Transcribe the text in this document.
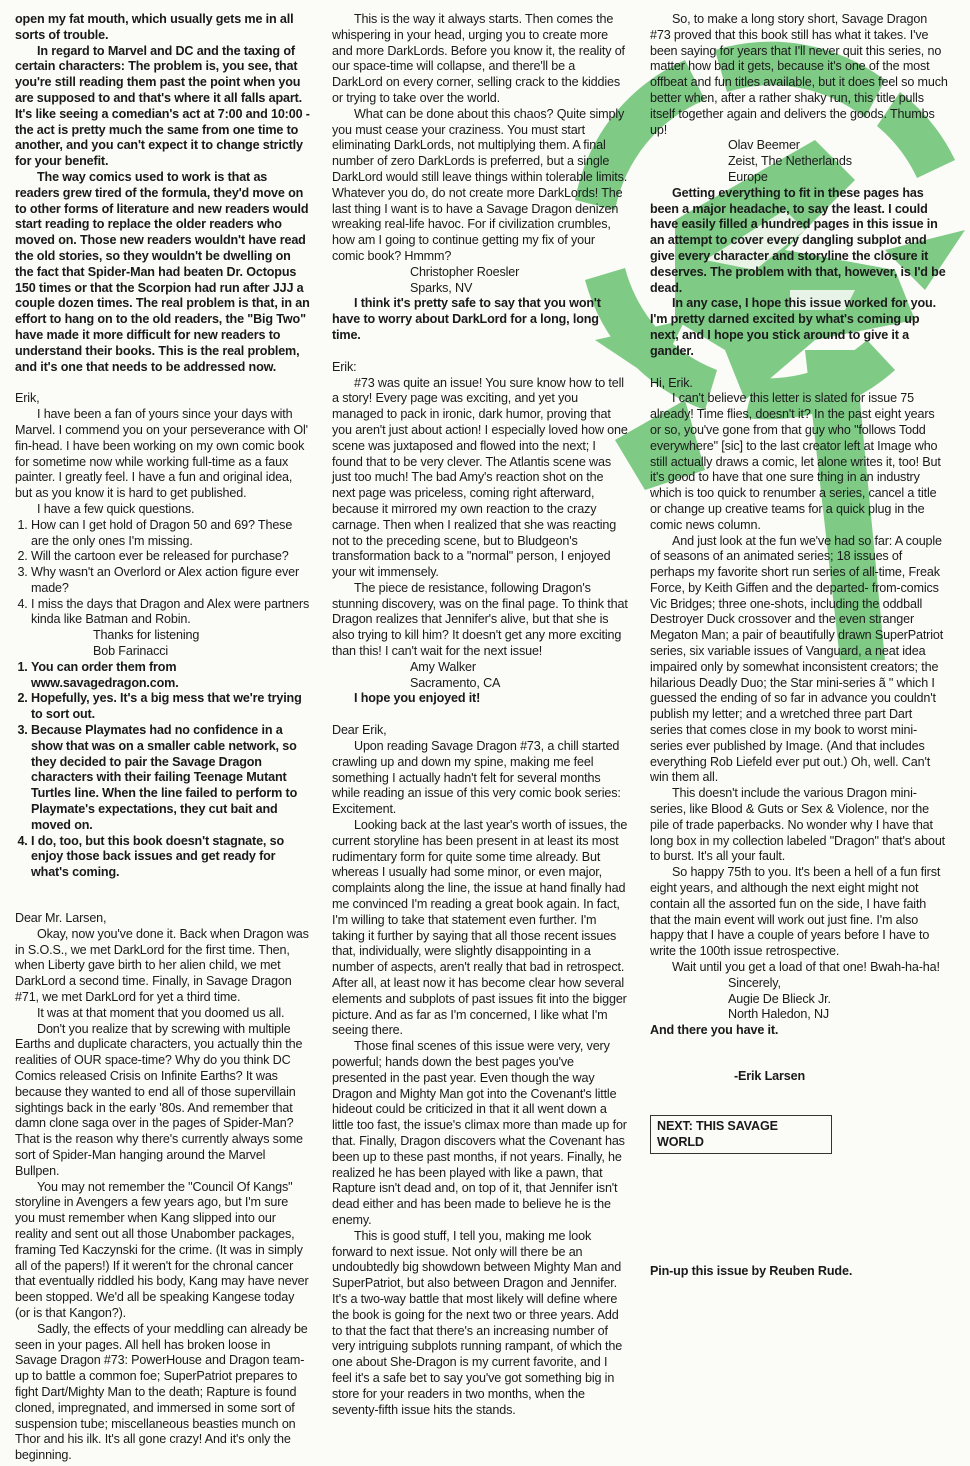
open my fat mouth, which usually gets me in all sorts of trouble.

In regard to Marvel and DC and the taxing of certain characters: The problem is, you see, that you're still reading them past the point when you are supposed to and that's where it all falls apart. It's like seeing a comedian's act at 7:00 and 10:00 - the act is pretty much the same from one time to another, and you can't expect it to change strictly for your benefit.

The way comics used to work is that as readers grew tired of the formula, they'd move on to other forms of literature and new readers would start reading to replace the older readers who moved on. Those new readers wouldn't have read the old stories, so they wouldn't be dwelling on the fact that Spider-Man had beaten Dr. Octopus 150 times or that the Scorpion had run after JJJ a couple dozen times. The real problem is that, in an effort to hang on to the old readers, the "Big Two" have made it more difficult for new readers to understand their books. This is the real problem, and it's one that needs to be addressed now.

Erik,

I have been a fan of yours since your days with Marvel. I commend you on your perseverance with Ol' fin-head. I have been working on my own comic book for sometime now while working full-time as a faux painter. I greatly feel. I have a fun and original idea, but as you know it is hard to get published.

I have a few quick questions.

1. How can I get hold of Dragon 50 and 69? These are the only ones I'm missing.
2. Will the cartoon ever be released for purchase?
3. Why wasn't an Overlord or Alex action figure ever made?
4. I miss the days that Dragon and Alex were partners kinda like Batman and Robin.

Thanks for listening

Bob Farinacci

1. You can order them from www.savagedragon.com.
2. Hopefully, yes. It's a big mess that we're trying to sort out.
3. Because Playmates had no confidence in a show that was on a smaller cable network, so they decided to pair the Savage Dragon characters with their failing Teenage Mutant Turtles line. When the line failed to perform to Playmate's expectations, they cut bait and moved on.
4. I do, too, but this book doesn't stagnate, so enjoy those back issues and get ready for what's coming.

Dear Mr. Larsen,

Okay, now you've done it. Back when Dragon was in S.O.S., we met DarkLord for the first time. Then, when Liberty gave birth to her alien child, we met DarkLord a second time. Finally, in Savage Dragon #71, we met DarkLord for yet a third time.

It was at that moment that you doomed us all.

Don't you realize that by screwing with multiple Earths and duplicate characters, you actually thin the realities of OUR space-time? Why do you think DC Comics released Crisis on Infinite Earths? It was because they wanted to end all of those supervillain sightings back in the early '80s. And remember that damn clone saga over in the pages of Spider-Man? That is the reason why there's currently always some sort of Spider-Man hanging around the Marvel Bullpen.

You may not remember the "Council Of Kangs" storyline in Avengers a few years ago, but I'm sure you must remember when Kang slipped into our reality and sent out all those Unabomber packages, framing Ted Kaczynski for the crime. (It was in simply all of the papers!) If it weren't for the chronal cancer that eventually riddled his body, Kang may have never been stopped. We'd all be speaking Kangese today (or is that Kangon?).

Sadly, the effects of your meddling can already be seen in your pages. All hell has broken loose in Savage Dragon #73: PowerHouse and Dragon team-up to battle a common foe; SuperPatriot prepares to fight Dart/Mighty Man to the death; Rapture is found cloned, impregnated, and immersed in some sort of suspension tube; miscellaneous beasties munch on Thor and his ilk. It's all gone crazy! And it's only the beginning.

This is the way it always starts. Then comes the whispering in your head, urging you to create more and more DarkLords. Before you know it, the reality of our space-time will collapse, and there'll be a DarkLord on every corner, selling crack to the kiddies or trying to take over the world.

What can be done about this chaos? Quite simply you must cease your craziness. You must start eliminating DarkLords, not multiplying them. A final number of zero DarkLords is preferred, but a single DarkLord would still leave things within tolerable limits. Whatever you do, do not create more DarkLords! The last thing I want is to have a Savage Dragon denizen wreaking real-life havoc. For if civilization crumbles, how am I going to continue getting my fix of your comic book? Hmmm?

Christopher Roesler

Sparks, NV

I think it's pretty safe to say that you won't have to worry about DarkLord for a long, long time.

Erik:

#73 was quite an issue! You sure know how to tell a story! Every page was exciting, and yet you managed to pack in ironic, dark humor, proving that you aren't just about action! I especially loved how one scene was juxtaposed and flowed into the next; I found that to be very clever. The Atlantis scene was just too much! The bad Amy's reaction shot on the next page was priceless, coming right afterward, because it mirrored my own reaction to the crazy carnage. Then when I realized that she was reacting not to the preceding scene, but to Bludgeon's transformation back to a "normal" person, I enjoyed your wit immensely.

The piece de resistance, following Dragon's stunning discovery, was on the final page. To think that Dragon realizes that Jennifer's alive, but that she is also trying to kill him? It doesn't get any more exciting than this! I can't wait for the next issue!

Amy Walker

Sacramento, CA

I hope you enjoyed it!

Dear Erik,

Upon reading Savage Dragon #73, a chill started crawling up and down my spine, making me feel something I actually hadn't felt for several months while reading an issue of this very comic book series: Excitement.

Looking back at the last year's worth of issues, the current storyline has been present in at least its most rudimentary form for quite some time already. But whereas I usually had some minor, or even major, complaints along the line, the issue at hand finally had me convinced I'm reading a great book again. In fact, I'm willing to take that statement even further. I'm taking it further by saying that all those recent issues that, individually, were slightly disappointing in a number of aspects, aren't really that bad in retrospect. After all, at least now it has become clear how several elements and subplots of past issues fit into the bigger picture. And as far as I'm concerned, I like what I'm seeing there.

Those final scenes of this issue were very, very powerful; hands down the best pages you've presented in the past year. Even though the way Dragon and Mighty Man got into the Covenant's little hideout could be criticized in that it all went down a little too fast, the issue's climax more than made up for that. Finally, Dragon discovers what the Covenant has been up to these past months, if not years. Finally, he realized he has been played with like a pawn, that Rapture isn't dead and, on top of it, that Jennifer isn't dead either and has been made to believe he is the enemy.

This is good stuff, I tell you, making me look forward to next issue. Not only will there be an undoubtedly big showdown between Mighty Man and SuperPatriot, but also between Dragon and Jennifer. It's a two-way battle that most likely will define where the book is going for the next two or three years. Add to that the fact that there's an increasing number of very intriguing subplots running rampant, of which the one about She-Dragon is my current favorite, and I feel it's a safe bet to say you've got something big in store for your readers in two months, when the seventy-fifth issue hits the stands.

So, to make a long story short, Savage Dragon #73 proved that this book still has what it takes. I've been saying for years that I'll never quit this series, no matter how bad it gets, because it's one of the most offbeat and fun titles available, but it does feel so much better when, after a rather shaky run, this title pulls itself together again and delivers the goods. Thumbs up!

Olav Beemer

Zeist, The Netherlands

Europe

Getting everything to fit in these pages has been a major headache, to say the least. I could have easily filled a hundred pages in this issue in an attempt to cover every dangling subplot and give every character and storyline the closure it deserves. The problem with that, however, is I'd be dead.

In any case, I hope this issue worked for you. I'm pretty darned excited by what's coming up next, and I hope you stick around to give it a gander.

Hi, Erik.

I can't believe this letter is slated for issue 75 already! Time flies, doesn't it? In the past eight years or so, you've gone from that guy who "follows Todd everywhere" [sic] to the last creator left at Image who still actually draws a comic, let alone writes it, too! But it's good to have that one sure thing in an industry which is too quick to renumber a series, cancel a title or change up creative teams for a quick plug in the comic news column.

And just look at the fun we've had so far: A couple of seasons of an animated series; 18 issues of perhaps my favorite short run series of all-time, Freak Force, by Keith Giffen and the departed- from-comics Vic Bridges; three one-shots, including the oddball Destroyer Duck crossover and the even stranger Megaton Man; a pair of beautifully drawn SuperPatriot series, six variable issues of Vanguard, a neat idea impaired only by somewhat inconsistent creators; the hilarious Deadly Duo; the Star mini-series ã " which I guessed the ending of so far in advance you couldn't publish my letter; and a wretched three part Dart series that comes close in my book to worst mini-series ever published by Image. (And that includes everything Rob Liefeld ever put out.) Oh, well. Can't win them all.

This doesn't include the various Dragon mini-series, like Blood & Guts or Sex & Violence, nor the pile of trade paperbacks. No wonder why I have that long box in my collection labeled "Dragon" that's about to burst. It's all your fault.

So happy 75th to you. It's been a hell of a fun first eight years, and although the next eight might not contain all the assorted fun on the side, I have faith that the main event will work out just fine. I'm also happy that I have a couple of years before I have to write the 100th issue retrospective.

Wait until you get a load of that one! Bwah-ha-ha!

Sincerely,

Augie De Blieck Jr.

North Haledon, NJ

And there you have it.

-Erik Larsen

NEXT: THIS SAVAGE WORLD

Pin-up this issue by Reuben Rude.
